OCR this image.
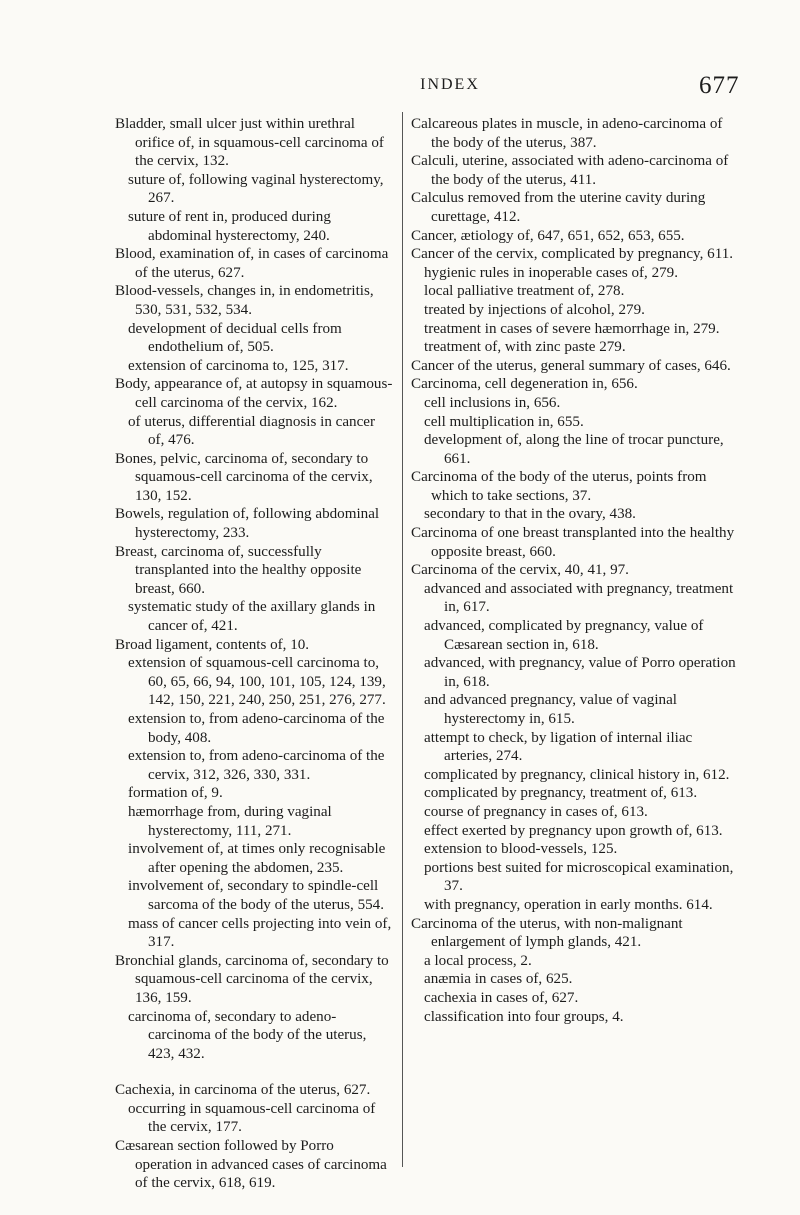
INDEX	677

Bladder, small ulcer just within urethral orifice of, in squamous-cell carcinoma of the cervix, 132.

suture of, following vaginal hysterectomy, 267.

suture of rent in, produced during abdominal hysterectomy, 240.

Blood, examination of, in cases of carcinoma of the uterus, 627.

Blood-vessels, changes in, in endometritis, 530, 531, 532, 534.

development of decidual cells from endothelium of, 505.

extension of carcinoma to, 125, 317.

Body, appearance of, at autopsy in squamous-cell carcinoma of the cervix, 162.

of uterus, differential diagnosis in cancer of, 476.

Bones, pelvic, carcinoma of, secondary to squamous-cell carcinoma of the cervix, 130, 152.

Bowels, regulation of, following abdominal hysterectomy, 233.

Breast, carcinoma of, successfully transplanted into the healthy opposite breast, 660.

systematic study of the axillary glands in cancer of, 421.

Broad ligament, contents of, 10.

extension of squamous-cell carcinoma to, 60, 65, 66, 94, 100, 101, 105, 124, 139, 142, 150, 221, 240, 250, 251, 276, 277.

extension to, from adeno-carcinoma of the body, 408.

extension to, from adeno-carcinoma of the cervix, 312, 326, 330, 331.

formation of, 9.

hæmorrhage from, during vaginal hysterectomy, 111, 271.

involvement of, at times only recognisable after opening the abdomen, 235.

involvement of, secondary to spindle-cell sarcoma of the body of the uterus, 554.

mass of cancer cells projecting into vein of, 317.

Bronchial glands, carcinoma of, secondary to squamous-cell carcinoma of the cervix, 136, 159.

carcinoma of, secondary to adeno-carcinoma of the body of the uterus, 423, 432.

Cachexia, in carcinoma of the uterus, 627.

occurring in squamous-cell carcinoma of the cervix, 177.

Cæsarean section followed by Porro operation in advanced cases of carcinoma of the cervix, 618, 619.

Calcareous plates in muscle, in adeno-carcinoma of the body of the uterus, 387.

Calculi, uterine, associated with adeno-carcinoma of the body of the uterus, 411.

Calculus removed from the uterine cavity during curettage, 412.

Cancer, ætiology of, 647, 651, 652, 653, 655.

Cancer of the cervix, complicated by pregnancy, 611.

hygienic rules in inoperable cases of, 279.

local palliative treatment of, 278.

treated by injections of alcohol, 279.

treatment in cases of severe hæmorrhage in, 279.

treatment of, with zinc paste 279.

Cancer of the uterus, general summary of cases, 646.

Carcinoma, cell degeneration in, 656.

cell inclusions in, 656.

cell multiplication in, 655.

development of, along the line of trocar puncture, 661.

Carcinoma of the body of the uterus, points from which to take sections, 37.

secondary to that in the ovary, 438.

Carcinoma of one breast transplanted into the healthy opposite breast, 660.

Carcinoma of the cervix, 40, 41, 97.

advanced and associated with pregnancy, treatment in, 617.

advanced, complicated by pregnancy, value of Cæsarean section in, 618.

advanced, with pregnancy, value of Porro operation in, 618.

and advanced pregnancy, value of vaginal hysterectomy in, 615.

attempt to check, by ligation of internal iliac arteries, 274.

complicated by pregnancy, clinical history in, 612.

complicated by pregnancy, treatment of, 613.

course of pregnancy in cases of, 613.

effect exerted by pregnancy upon growth of, 613.

extension to blood-vessels, 125.

portions best suited for microscopical examination, 37.

with pregnancy, operation in early months. 614.

Carcinoma of the uterus, with non-malignant enlargement of lymph glands, 421.

a local process, 2.

anæmia in cases of, 625.

cachexia in cases of, 627.

classification into four groups, 4.
